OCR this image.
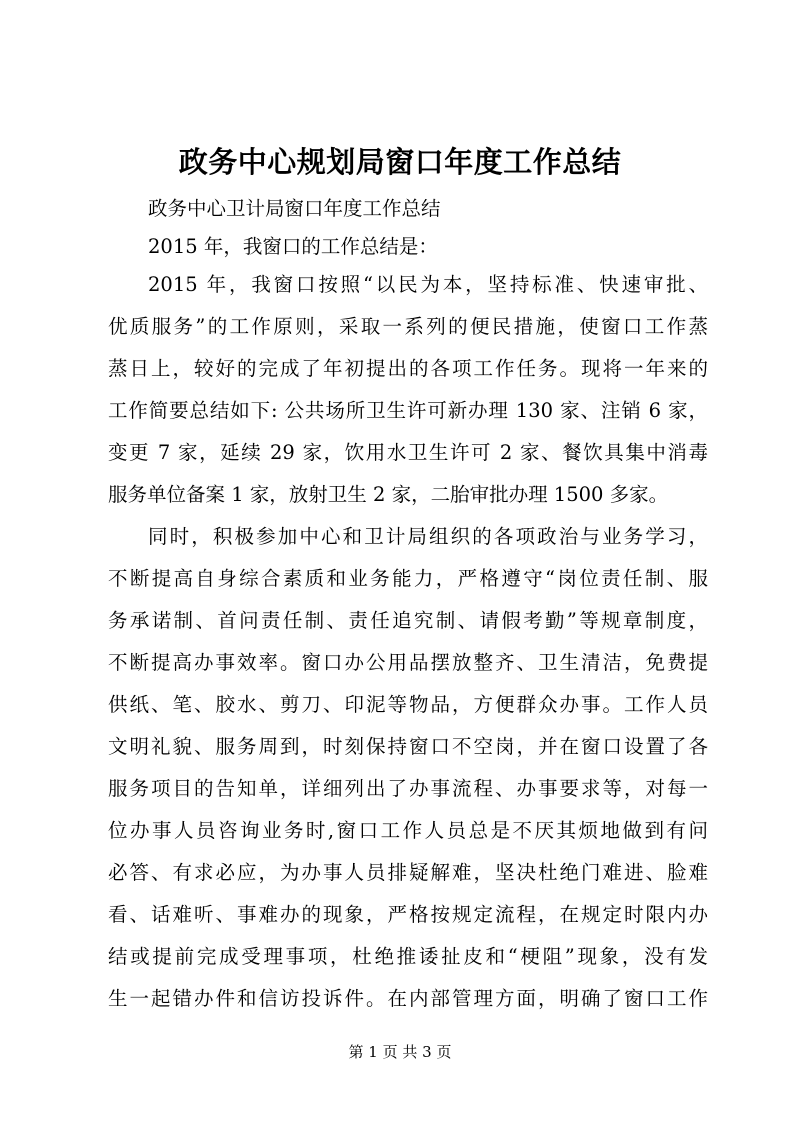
政务中心规划局窗口年度工作总结

政务中心卫计局窗口年度工作总结

2015 年，我窗口的工作总结是：

2015 年，我窗口按照“以民为本，坚持标准、快速审批、

优质服务”的工作原则，采取一系列的便民措施，使窗口工作蒸

蒸日上，较好的完成了年初提出的各项工作任务。现将一年来的

工作简要总结如下: 公共场所卫生许可新办理 130 家、注销 6 家，

变更 7 家，延续 29 家，饮用水卫生许可 2 家、餐饮具集中消毒

服务单位备案 1 家，放射卫生 2 家，二胎审批办理 1500 多家。

同时，积极参加中心和卫计局组织的各项政治与业务学习，

不断提高自身综合素质和业务能力，严格遵守“岗位责任制、服

务承诺制、首问责任制、责任追究制、请假考勤”等规章制度，

不断提高办事效率。窗口办公用品摆放整齐、卫生清洁，免费提

供纸、笔、胶水、剪刀、印泥等物品，方便群众办事。工作人员

文明礼貌、服务周到，时刻保持窗口不空岗，并在窗口设置了各

服务项目的告知单，详细列出了办事流程、办事要求等，对每一

位办事人员咨询业务时,窗口工作人员总是不厌其烦地做到有问

必答、有求必应，为办事人员排疑解难，坚决杜绝门难进、脸难

看、话难听、事难办的现象，严格按规定流程，在规定时限内办

结或提前完成受理事项，杜绝推诿扯皮和“梗阻”现象，没有发

生一起错办件和信访投诉件。在内部管理方面，明确了窗口工作

第 1 页 共 3 页
